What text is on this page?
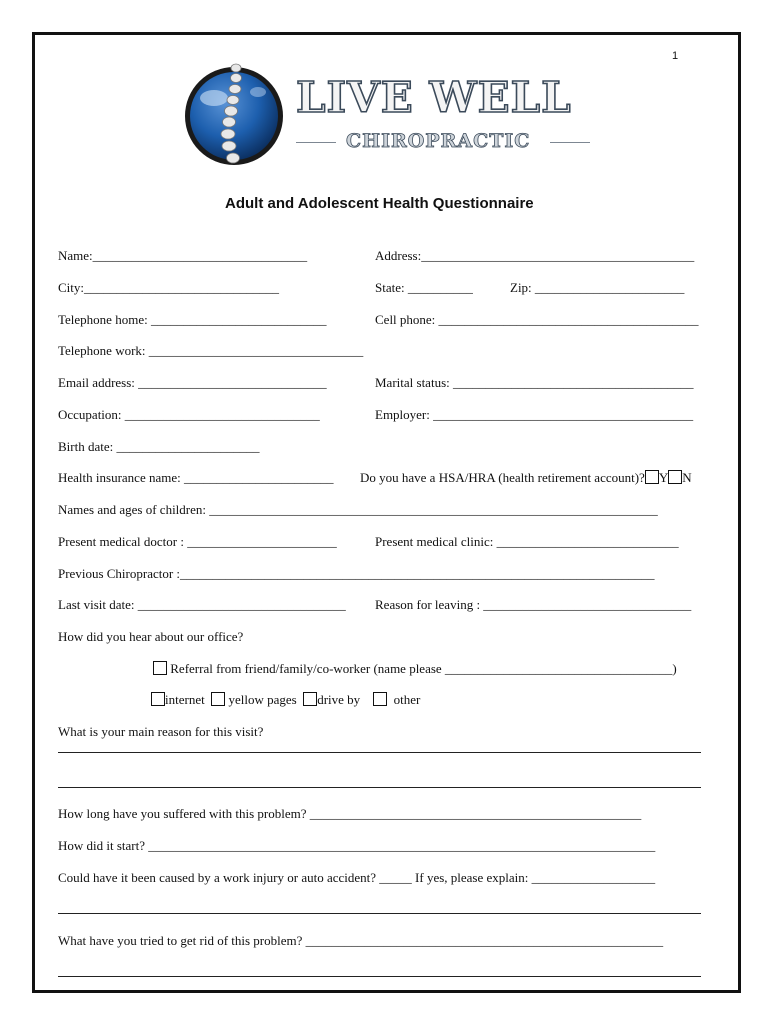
1
LIVE WELL
CHIROPRACTIC
Adult and Adolescent Health Questionnaire
Name:_________________________________	Address:__________________________________________
City:______________________________	State: __________	Zip: _______________________
Telephone home: ___________________________	Cell phone: ________________________________________
Telephone work: _________________________________
Email address: _____________________________	Marital status: _____________________________________
Occupation: ______________________________	Employer: ________________________________________
Birth date: ______________________
Health insurance name: _______________________ Do you have a HSA/HRA (health retirement account)? Y N
Names and ages of children: _____________________________________________________________________
Present medical doctor : _______________________	Present medical clinic: ____________________________
Previous Chiropractor :_________________________________________________________________________
Last visit date: ________________________________ Reason for leaving : ________________________________
How did you hear about our office?
Referral from friend/family/co-worker (name please ___________________________________)
internet yellow pages drive by	other
What is your main reason for this visit?
How long have you suffered with this problem? ___________________________________________________
How did it start? ______________________________________________________________________________
Could have it been caused by a work injury or auto accident? _____ If yes, please explain: ___________________
What have you tried to get rid of this problem? _______________________________________________________
